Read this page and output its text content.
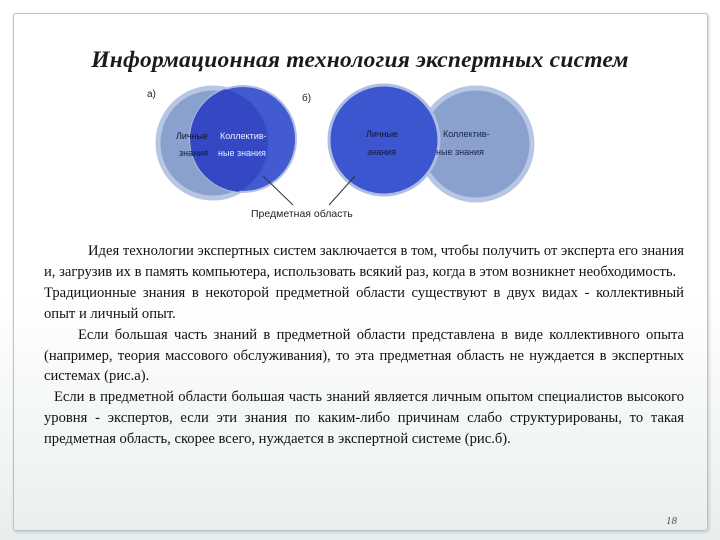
Информационная технология экспертных систем
Личные
знания
Коллектив-
ные знания
Личные
знания
Коллектив-
ные знания
а)	б)
Предметная область

Идея технологии экспертных систем заключается в том, чтобы получить от эксперта его знания и, загрузив их в память компьютера, использовать всякий раз, когда в этом возникнет необходимость.

Традиционные знания в некоторой предметной области существуют в двух видах - коллективный опыт и личный опыт.

Если большая часть знаний в предметной области представлена в виде коллективного опыта (например, теория массового обслуживания), то эта предметная область не нуждается в экспертных системах (рис.а).

Если в предметной области большая часть знаний является личным опытом специалистов высокого уровня - экспертов, если эти знания по каким-либо причинам слабо структурированы, то такая предметная область, скорее всего, нуждается в экспертной системе (рис.б).

18
